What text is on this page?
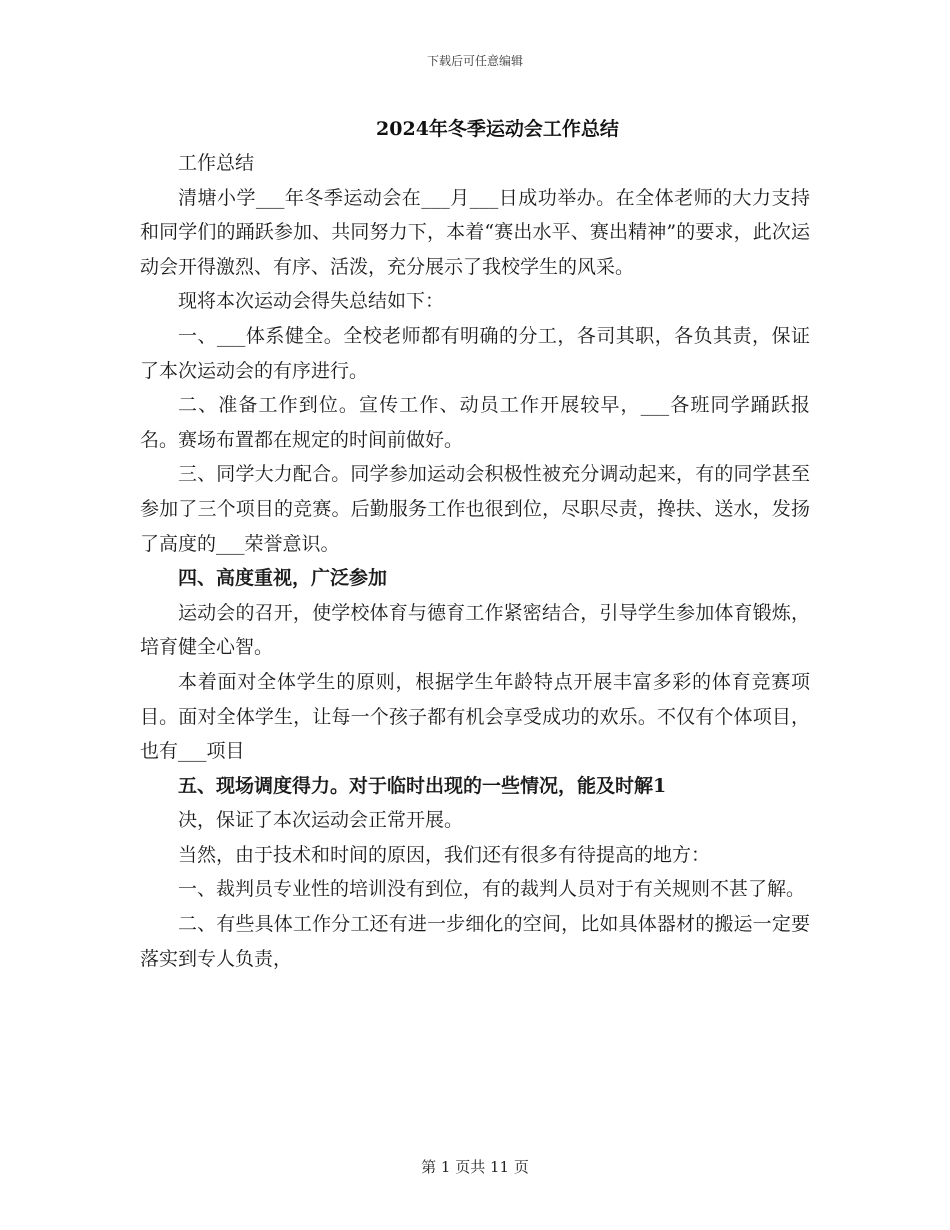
下载后可任意编辑
2024年冬季运动会工作总结

工作总结

清塘小学___年冬季运动会在___月___日成功举办。在全体老师的大力支持和同学们的踊跃参加、共同努力下，本着“赛出水平、赛出精神”的要求，此次运动会开得激烈、有序、活泼，充分展示了我校学生的风采。

现将本次运动会得失总结如下：

一、___体系健全。全校老师都有明确的分工，各司其职，各负其责，保证了本次运动会的有序进行。

二、准备工作到位。宣传工作、动员工作开展较早，___各班同学踊跃报名。赛场布置都在规定的时间前做好。

三、同学大力配合。同学参加运动会积极性被充分调动起来，有的同学甚至参加了三个项目的竞赛。后勤服务工作也很到位，尽职尽责，搀扶、送水，发扬了高度的___荣誉意识。

四、高度重视，广泛参加

运动会的召开，使学校体育与德育工作紧密结合，引导学生参加体育锻炼，培育健全心智。

本着面对全体学生的原则，根据学生年龄特点开展丰富多彩的体育竞赛项目。面对全体学生，让每一个孩子都有机会享受成功的欢乐。不仅有个体项目，也有___项目

五、现场调度得力。对于临时出现的一些情况，能及时解1

决，保证了本次运动会正常开展。

当然，由于技术和时间的原因，我们还有很多有待提高的地方：

一、裁判员专业性的培训没有到位，有的裁判人员对于有关规则不甚了解。

二、有些具体工作分工还有进一步细化的空间，比如具体器材的搬运一定要落实到专人负责，

第 1 页共 11 页
